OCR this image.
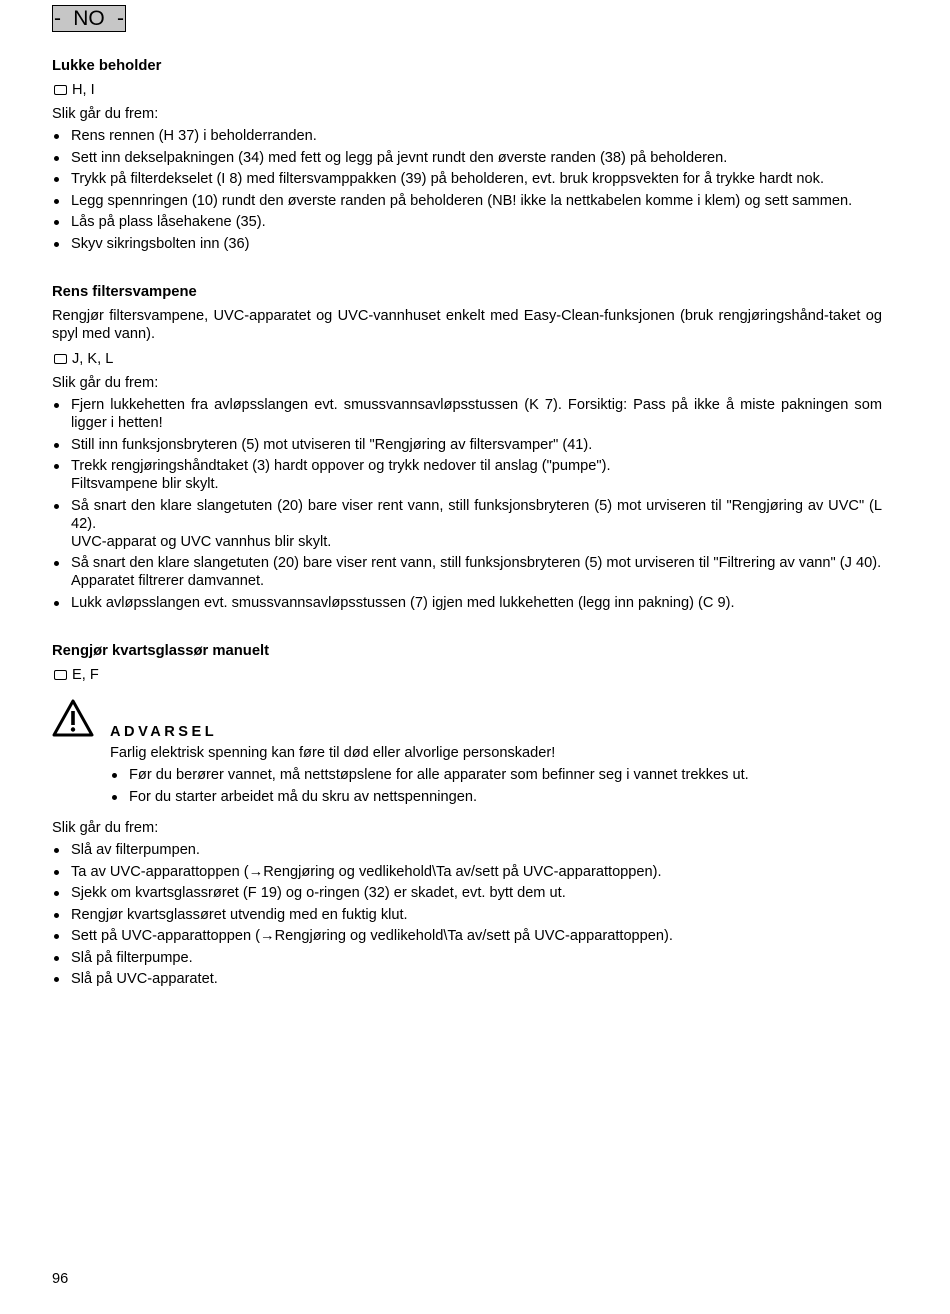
- NO -
Lukke beholder
H, I
Slik går du frem:
Rens rennen (H 37) i beholderranden.
Sett inn dekselpakningen (34) med fett og legg på jevnt rundt den øverste randen (38) på beholderen.
Trykk på filterdekselet (I 8) med filtersvamppakken (39) på beholderen, evt. bruk kroppsvekten for å trykke hardt nok.
Legg spennringen (10) rundt den øverste randen på beholderen (NB! ikke la nettkabelen komme i klem) og sett sammen.
Lås på plass låsehakene (35).
Skyv sikringsbolten inn (36)
Rens filtersvampene
Rengjør filtersvampene, UVC-apparatet og UVC-vannhuset enkelt med Easy-Clean-funksjonen (bruk rengjøringshånd-taket og spyl med vann).
J, K, L
Slik går du frem:
Fjern lukkehetten fra avløpsslangen evt. smussvannsavløpsstussen (K 7). Forsiktig: Pass på ikke å miste pakningen som ligger i hetten!
Still inn funksjonsbryteren (5) mot utviseren til "Rengjøring av filtersvamper" (41).
Trekk rengjøringshåndtaket (3) hardt oppover og trykk nedover til anslag ("pumpe").
Filtsvampene blir skylt.
Så snart den klare slangetuten (20) bare viser rent vann, still funksjonsbryteren (5) mot urviseren til "Rengjøring av UVC" (L 42).
UVC-apparat og UVC vannhus blir skylt.
Så snart den klare slangetuten (20) bare viser rent vann, still funksjonsbryteren (5) mot urviseren til "Filtrering av vann" (J 40).
Apparatet filtrerer damvannet.
Lukk avløpsslangen evt. smussvannsavløpsstussen (7) igjen med lukkehetten (legg inn pakning) (C 9).
Rengjør kvartsglassør manuelt
E, F
ADVARSEL
Farlig elektrisk spenning kan føre til død eller alvorlige personskader!
Før du berører vannet, må nettstøpslene for alle apparater som befinner seg i vannet trekkes ut.
For du starter arbeidet må du skru av nettspenningen.
Slik går du frem:
Slå av filterpumpen.
Ta av UVC-apparattoppen (→Rengjøring og vedlikehold\Ta av/sett på UVC-apparattoppen).
Sjekk om kvartsglassrøret (F 19) og o-ringen (32) er skadet, evt. bytt dem ut.
Rengjør kvartsglassøret utvendig med en fuktig klut.
Sett på UVC-apparattoppen (→Rengjøring og vedlikehold\Ta av/sett på UVC-apparattoppen).
Slå på filterpumpe.
Slå på UVC-apparatet.
96
